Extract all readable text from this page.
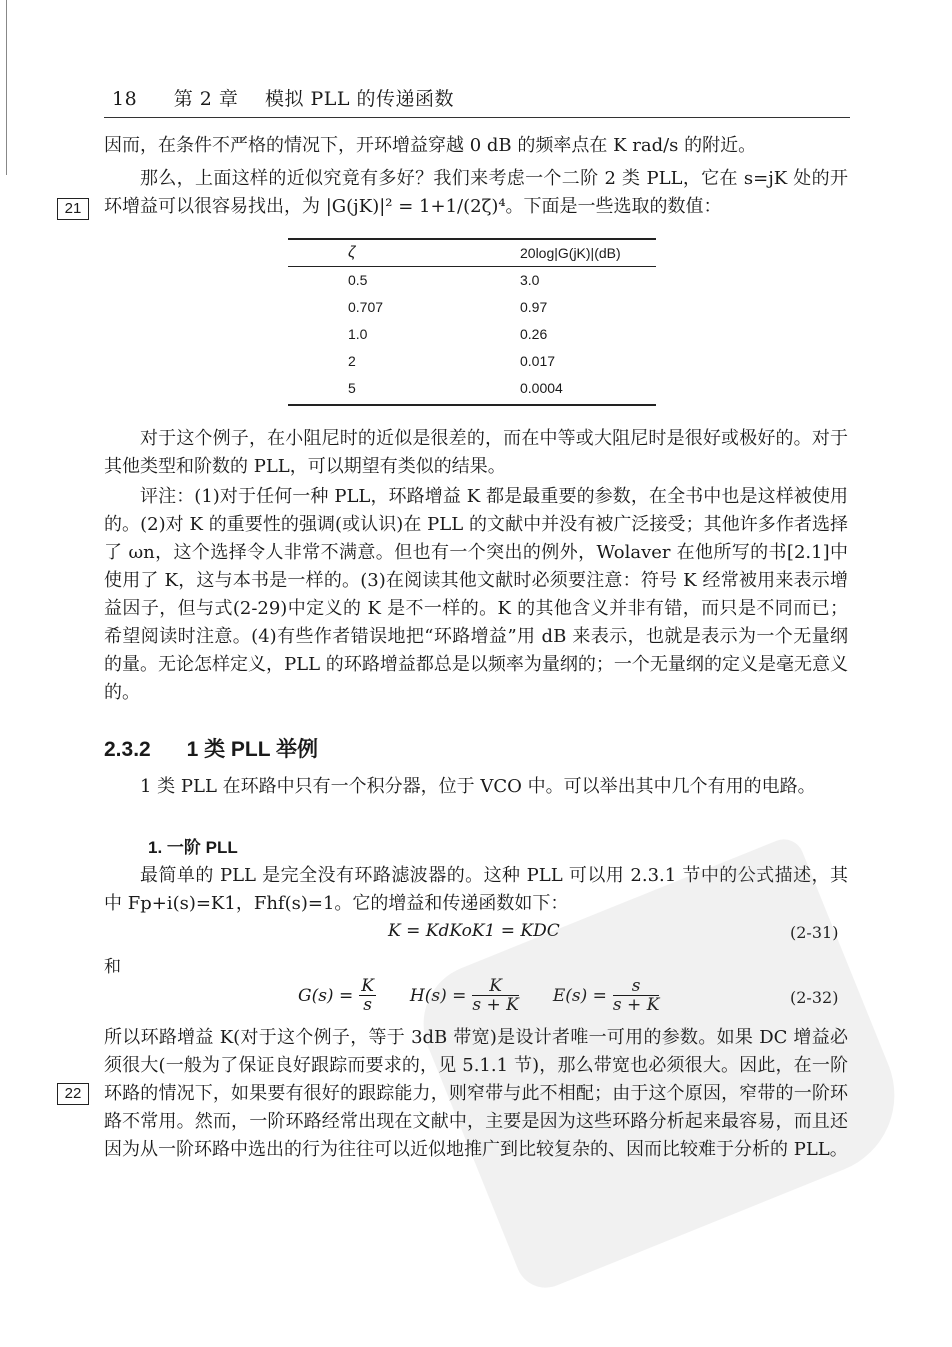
18 第 2 章 模拟 PLL 的传递函数
因而，在条件不严格的情况下，开环增益穿越 0 dB 的频率点在 K rad/s 的附近。
21
那么，上面这样的近似究竟有多好？我们来考虑一个二阶 2 类 PLL，它在 s=jK 处的开环增益可以很容易找出，为 |G(jK)|² = 1+1/(2ζ)⁴。下面是一些选取的数值：
ζ	20log|G(jK)|(dB)
0.5	3.0
0.707	0.97
1.0	0.26
2	0.017
5	0.0004
对于这个例子，在小阻尼时的近似是很差的，而在中等或大阻尼时是很好或极好的。对于其他类型和阶数的 PLL，可以期望有类似的结果。
评注：(1)对于任何一种 PLL，环路增益 K 都是最重要的参数，在全书中也是这样被使用的。(2)对 K 的重要性的强调(或认识)在 PLL 的文献中并没有被广泛接受；其他许多作者选择了 ωn，这个选择令人非常不满意。但也有一个突出的例外，Wolaver 在他所写的书[2.1]中使用了 K，这与本书是一样的。(3)在阅读其他文献时必须要注意：符号 K 经常被用来表示增益因子，但与式(2-29)中定义的 K 是不一样的。K 的其他含义并非有错，而只是不同而已；希望阅读时注意。(4)有些作者错误地把“环路增益”用 dB 来表示，也就是表示为一个无量纲的量。无论怎样定义，PLL 的环路增益都总是以频率为量纲的；一个无量纲的定义是毫无意义的。
2.3.2 1 类 PLL 举例
1 类 PLL 在环路中只有一个积分器，位于 VCO 中。可以举出其中几个有用的电路。
1. 一阶 PLL
最简单的 PLL 是完全没有环路滤波器的。这种 PLL 可以用 2.3.1 节中的公式描述，其中 Fp+i(s)=K1，Fhf(s)=1。它的增益和传递函数如下：
K = KdKoK1 = KDC	(2-31)
和
$G(s) = \frac{K}{s} H(s) = \frac{K}{s + K} E(s) = \frac{s}{s + K}$	(2-32)
22
所以环路增益 K(对于这个例子，等于 3dB 带宽)是设计者唯一可用的参数。如果 DC 增益必须很大(一般为了保证良好跟踪而要求的，见 5.1.1 节)，那么带宽也必须很大。因此，在一阶环路的情况下，如果要有很好的跟踪能力，则窄带与此不相配；由于这个原因，窄带的一阶环路不常用。然而，一阶环路经常出现在文献中，主要是因为这些环路分析起来最容易，而且还因为从一阶环路中选出的行为往往可以近似地推广到比较复杂的、因而比较难于分析的 PLL。
